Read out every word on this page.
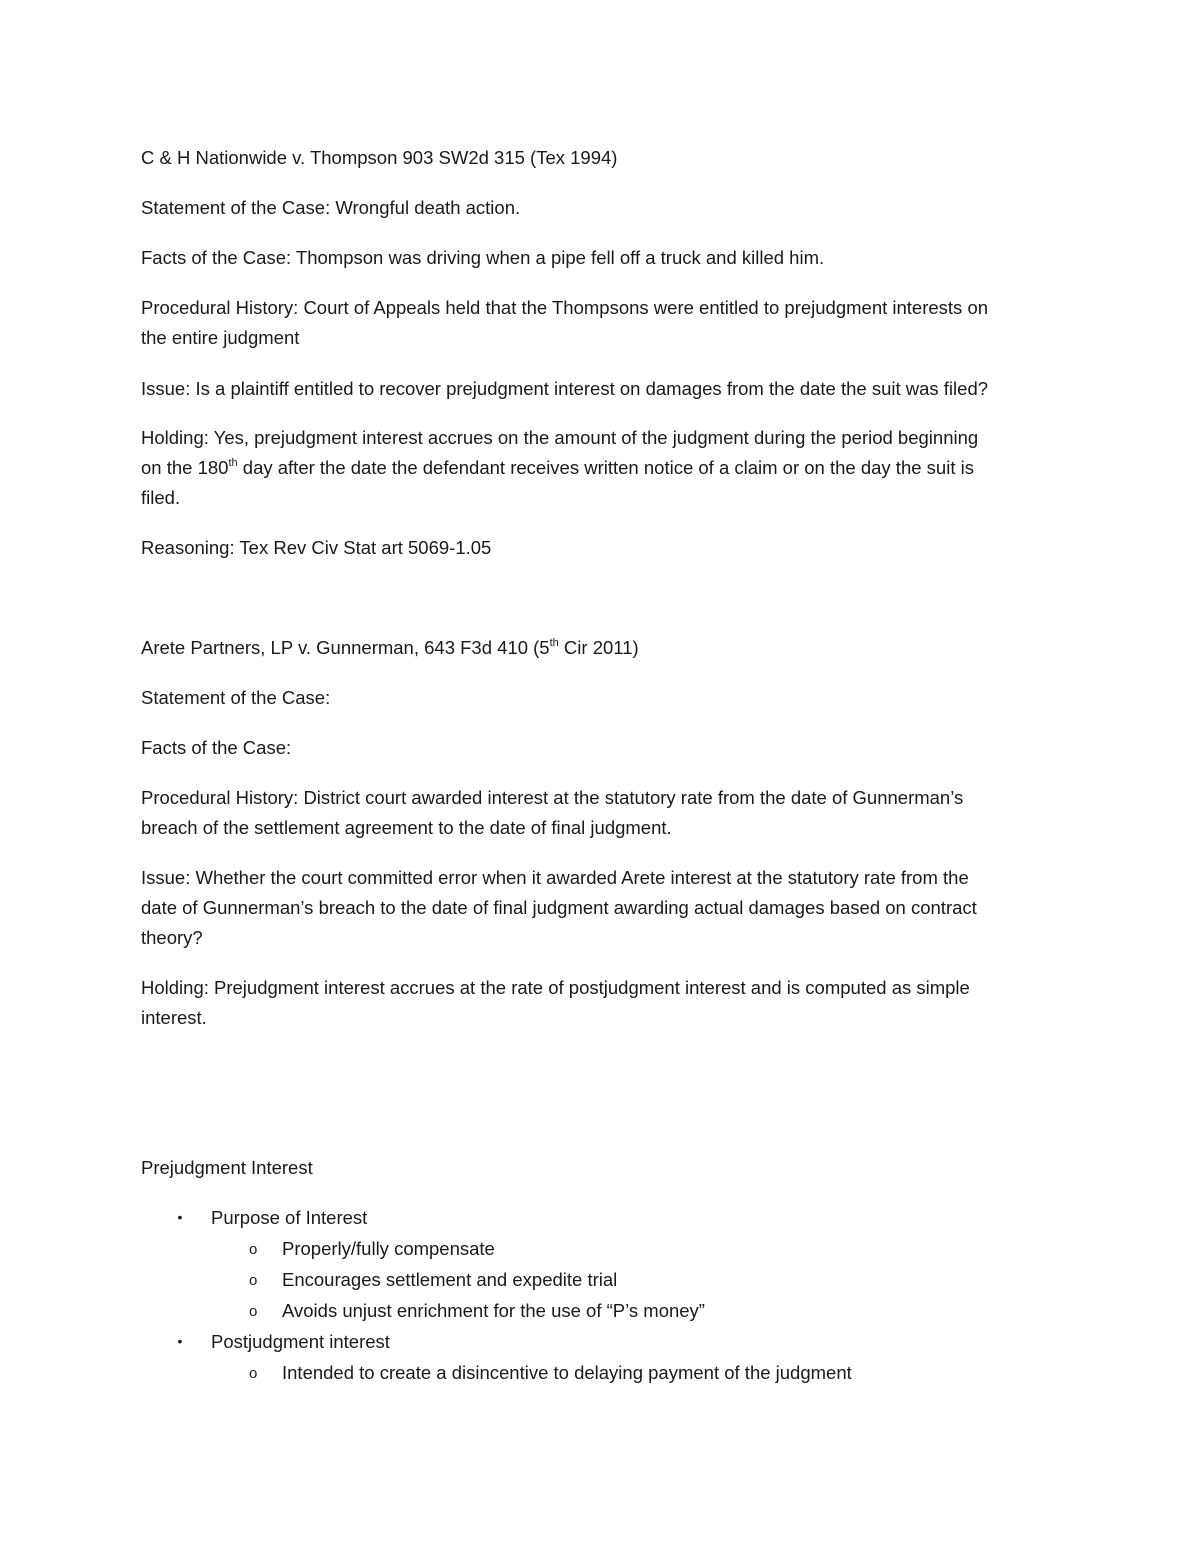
C & H Nationwide v. Thompson 903 SW2d 315 (Tex 1994)

Statement of the Case: Wrongful death action.

Facts of the Case: Thompson was driving when a pipe fell off a truck and killed him.

Procedural History: Court of Appeals held that the Thompsons were entitled to prejudgment interests on

the entire judgment

Issue: Is a plaintiff entitled to recover prejudgment interest on damages from the date the suit was filed?

Holding: Yes, prejudgment interest accrues on the amount of the judgment during the period beginning

on the 180th day after the date the defendant receives written notice of a claim or on the day the suit is

filed.

Reasoning: Tex Rev Civ Stat art 5069-1.05

Arete Partners, LP v. Gunnerman, 643 F3d 410 (5th Cir 2011)

Statement of the Case:

Facts of the Case:

Procedural History: District court awarded interest at the statutory rate from the date of Gunnerman’s

breach of the settlement agreement to the date of final judgment.

Issue: Whether the court committed error when it awarded Arete interest at the statutory rate from the

date of Gunnerman’s breach to the date of final judgment awarding actual damages based on contract

theory?

Holding: Prejudgment interest accrues at the rate of postjudgment interest and is computed as simple

interest.

Prejudgment Interest

• Purpose of Interest
o Properly/fully compensate
o Encourages settlement and expedite trial
o Avoids unjust enrichment for the use of “P’s money”
• Postjudgment interest
o Intended to create a disincentive to delaying payment of the judgment
